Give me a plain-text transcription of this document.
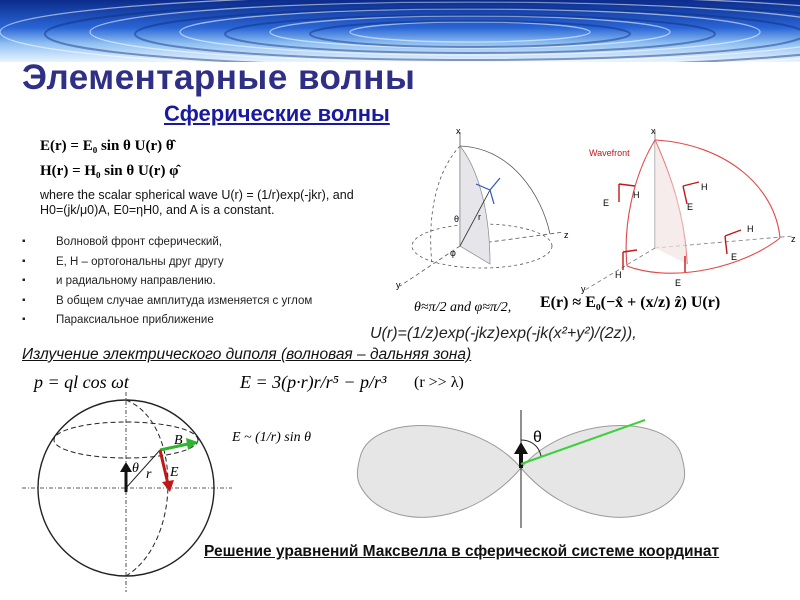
Элементарные волны
Сферические волны
E(r) = E₀ sin θ U(r) θ̂
H(r) = H₀ sin θ U(r) φ̂
where the scalar spherical wave U(r) = (1/r)exp(-jkr), and H0=(jk/μ0)A, E0=ηH0, and A is a constant.
▪ Волновой фронт сферический,
▪ E, H – ортогональны друг другу
▪ и радиальному направлению.
▪ В общем случае амплитуда изменяется с углом
▪ Параксиальное приближение
x
z
y
θ
φ
r
Wavefront
E
H
E
H
E
H
H
E
x
z
y
θ≈π/2 and φ≈π/2, E(r) ≈ E₀(−x̂ + (x/z) ẑ) U(r)
U(r)=(1/z)exp(-jkz)exp(-jk(x²+y²)/(2z)),
Излучение электрического диполя (волновая – дальняя зона)
p = ql cos ωt	E = 3(p·r)r/r⁵ − p/r³ (r >> λ)
E ~ (1/r) sin θ
θ r
B
E
θ
Решение уравнений Максвелла в сферической системе координат
